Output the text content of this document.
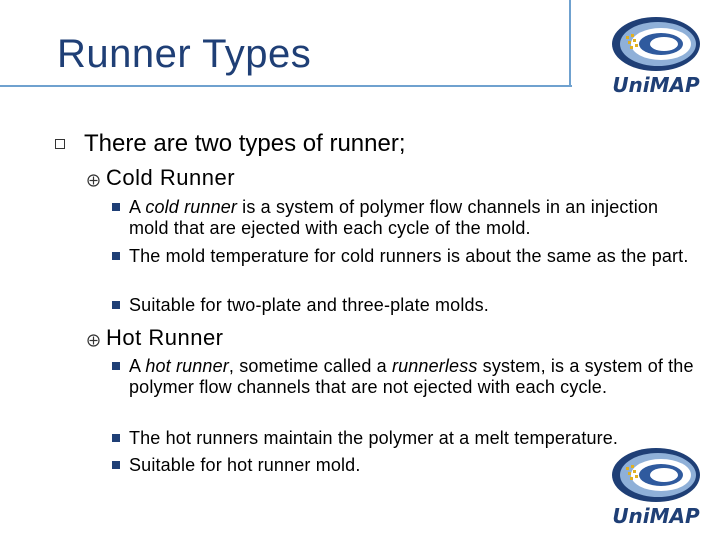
Runner Types
UniMAP
There are two types of runner;
Cold Runner
A cold runner is a system of polymer flow channels in an injection mold that are ejected with each cycle of the mold.
The mold temperature for cold runners is about the same as the part.
Suitable for two-plate and three-plate molds.
Hot Runner
A hot runner, sometime called a runnerless system, is a system of the polymer flow channels that are not ejected with each cycle.
The hot runners maintain the polymer at a melt temperature.
Suitable for hot runner mold.
UniMAP
